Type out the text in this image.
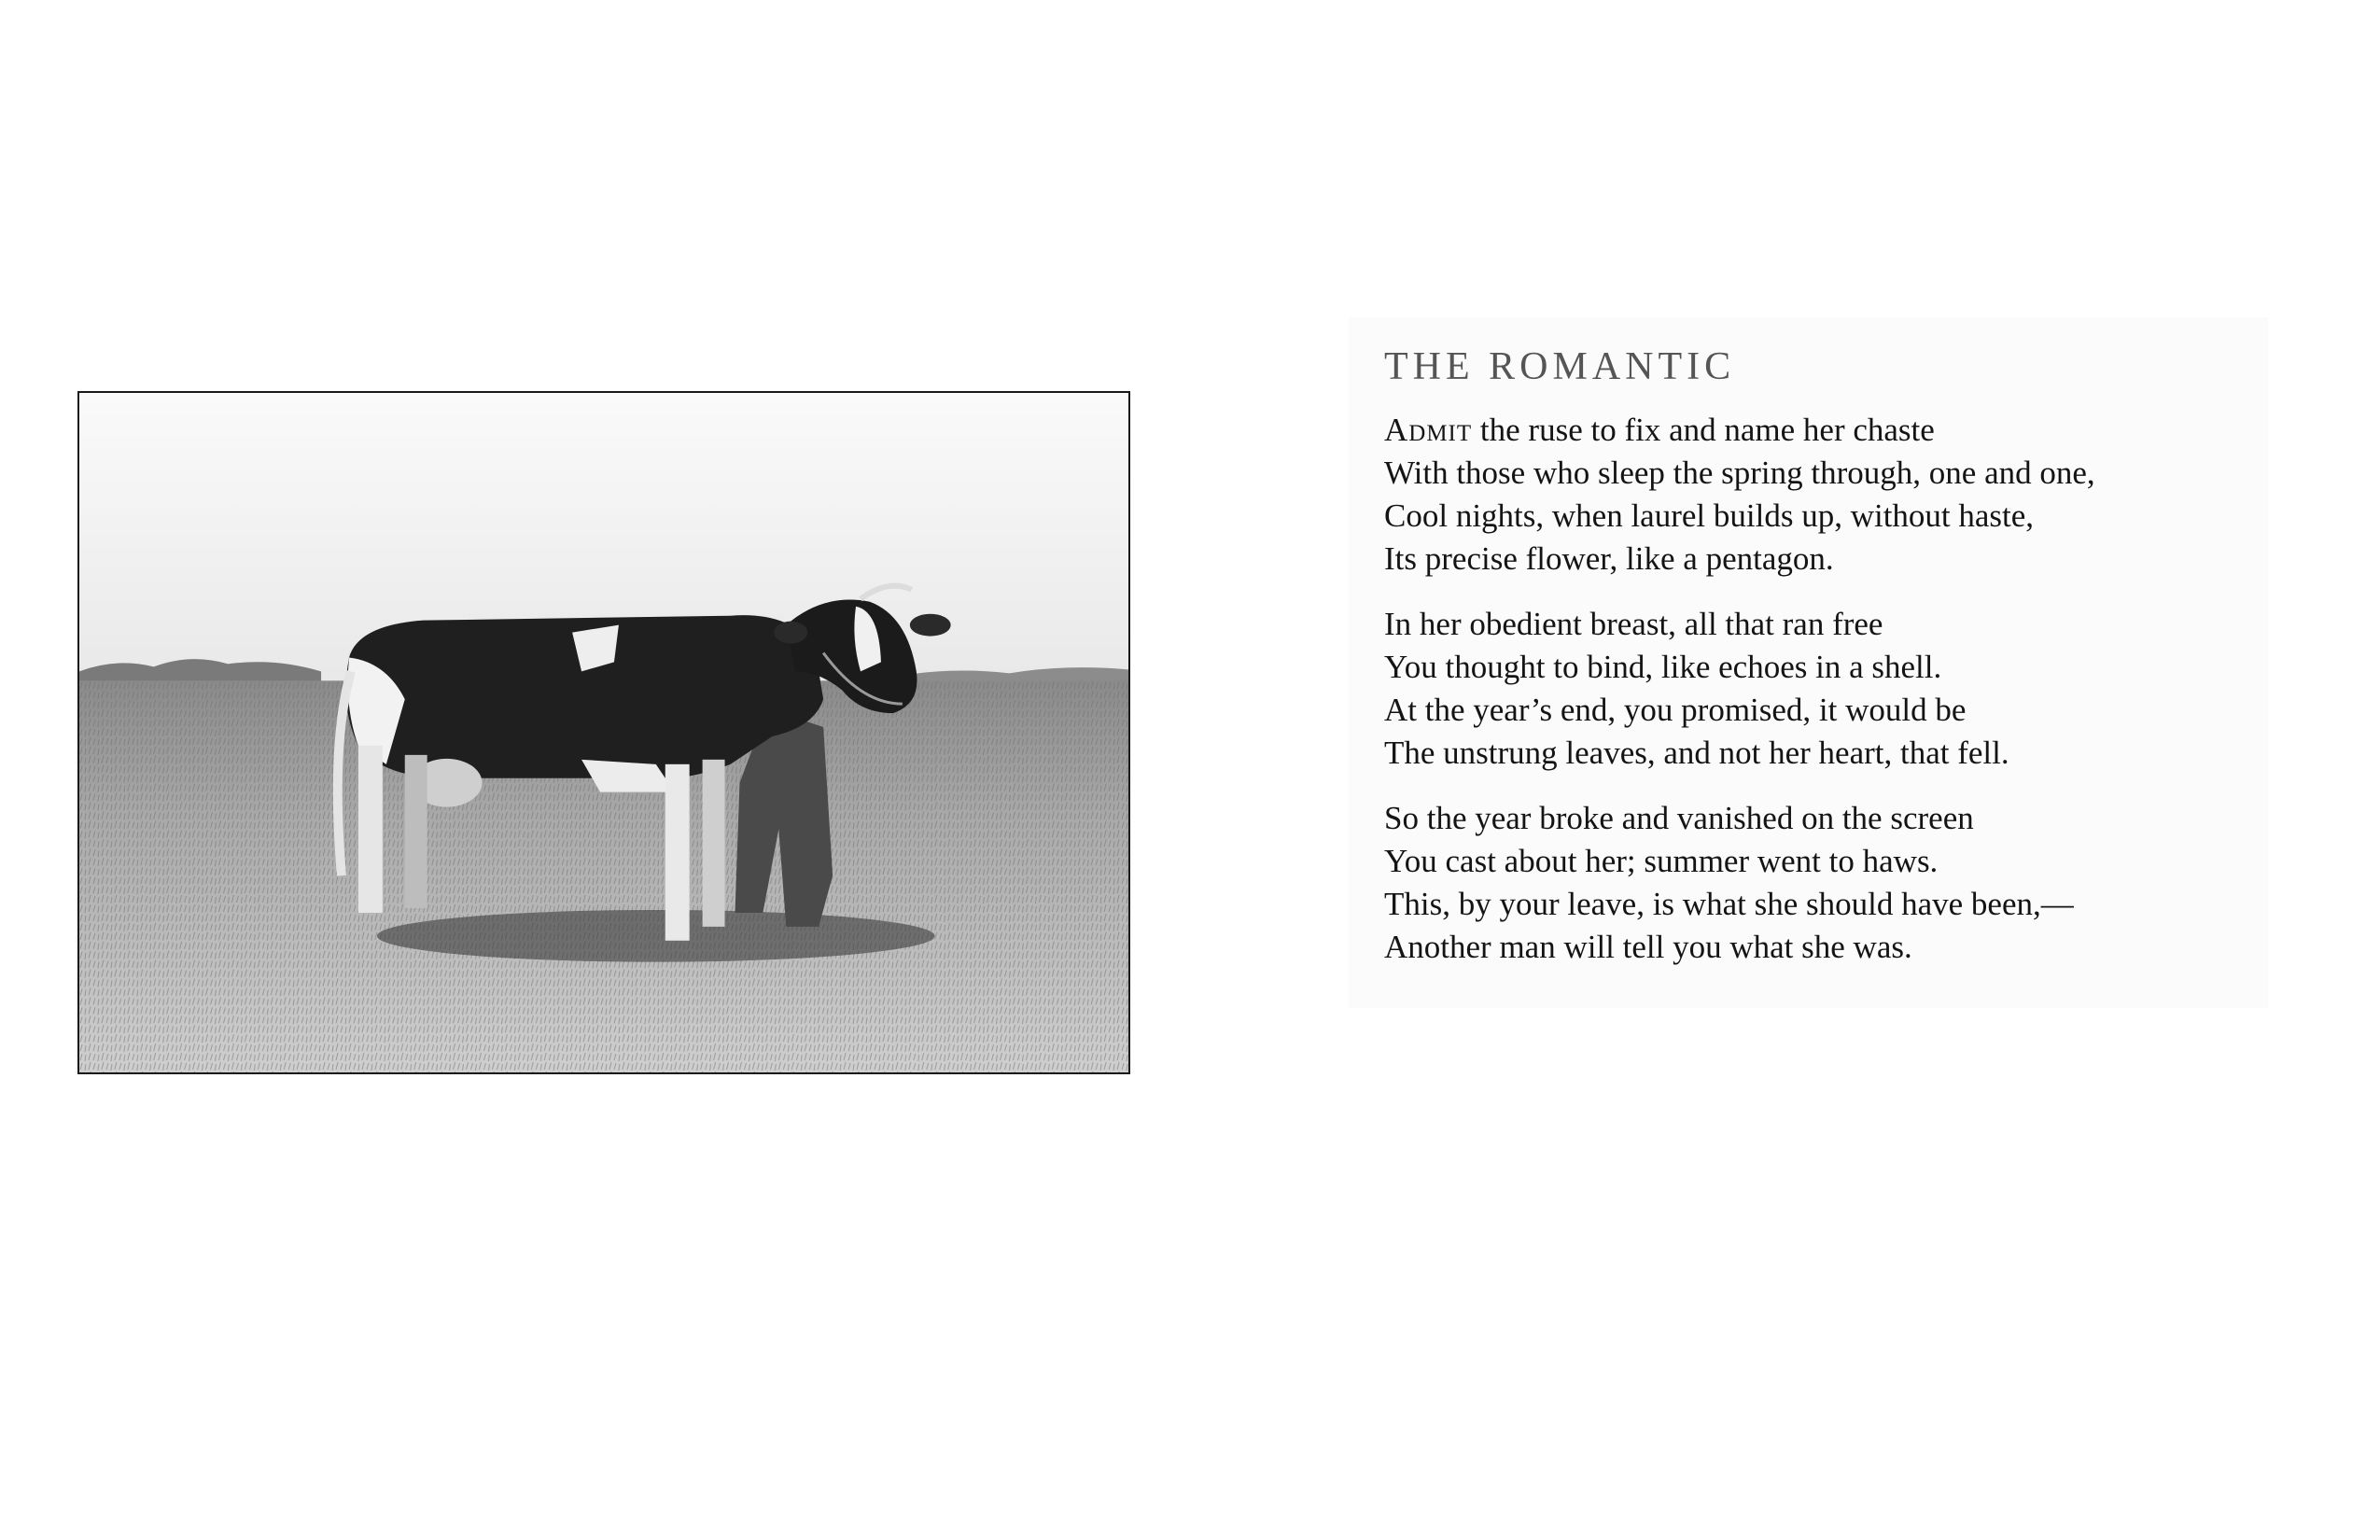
THE ROMANTIC
Admit the ruse to fix and name her chaste
With those who sleep the spring through, one and one,
Cool nights, when laurel builds up, without haste,
Its precise flower, like a pentagon.
In her obedient breast, all that ran free
You thought to bind, like echoes in a shell.
At the year’s end, you promised, it would be
The unstrung leaves, and not her heart, that fell.
So the year broke and vanished on the screen
You cast about her; summer went to haws.
This, by your leave, is what she should have been,—
Another man will tell you what she was.
